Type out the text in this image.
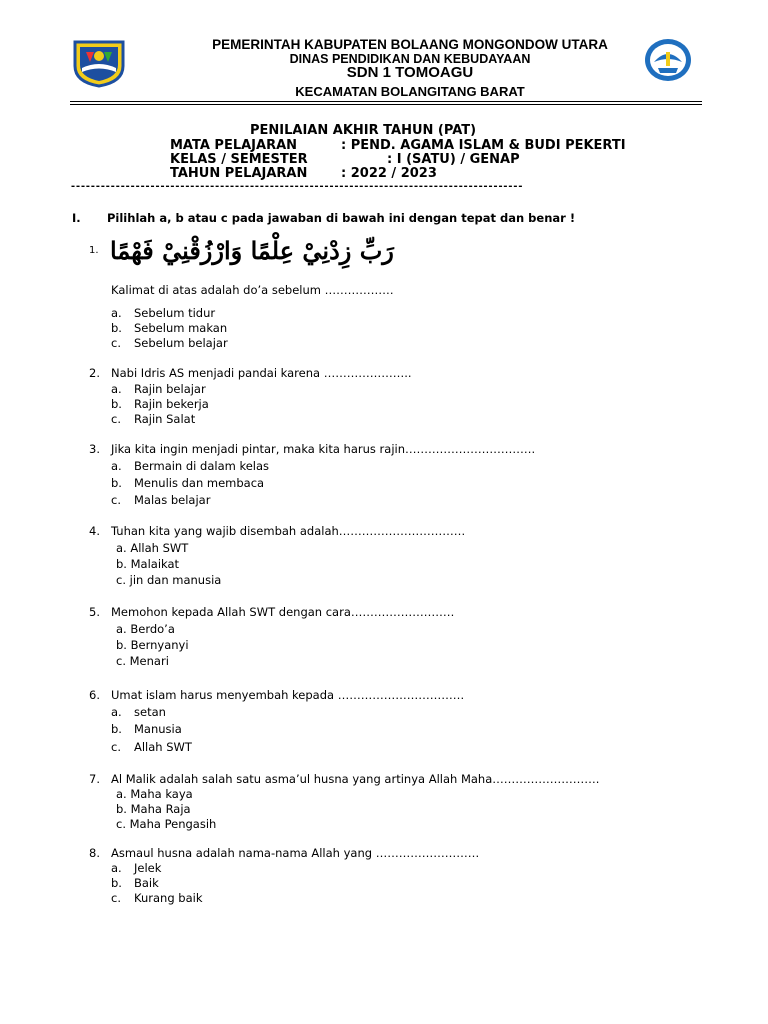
PEMERINTAH KABUPATEN BOLAANG MONGONDOW UTARA
DINAS PENDIDIKAN DAN KEBUDAYAAN
SDN 1 TOMOAGU
KECAMATAN BOLANGITANG BARAT
PENILAIAN AKHIR TAHUN (PAT)
MATA PELAJARAN	: PEND. AGAMA ISLAM & BUDI PEKERTI
KELAS / SEMESTER	: I (SATU) / GENAP
TAHUN PELAJARAN	: 2022 / 2023
-------------------------------------------------------------------------------------------
I. Pilihlah a, b atau c pada jawaban di bawah ini dengan tepat dan benar !
1. رَبِّ زِدْنِيْ عِلْمًا وَارْزُقْنِيْ فَهْمًا
Kalimat di atas adalah do’a sebelum ………………
a. Sebelum tidur
b. Sebelum makan
c. Sebelum belajar
2. Nabi Idris AS menjadi pandai karena …………………..
a. Rajin belajar
b. Rajin bekerja
c. Rajin Salat
3. Jika kita ingin menjadi pintar, maka kita harus rajin…………………………….
a. Bermain di dalam kelas
b. Menulis dan membaca
c. Malas belajar
4. Tuhan kita yang wajib disembah adalah……………………………
a. Allah SWT
b. Malaikat
c. jin dan manusia
5. Memohon kepada Allah SWT dengan cara………………………
a. Berdo’a
b. Bernyanyi
c. Menari
6. Umat islam harus menyembah kepada ……………………………
a. setan
b. Manusia
c. Allah SWT
7. Al Malik adalah salah satu asma’ul husna yang artinya Allah Maha……………………….
a. Maha kaya
b. Maha Raja
c. Maha Pengasih
8. Asmaul husna adalah nama-nama Allah yang ………………………
a. Jelek
b. Baik
c. Kurang baik
